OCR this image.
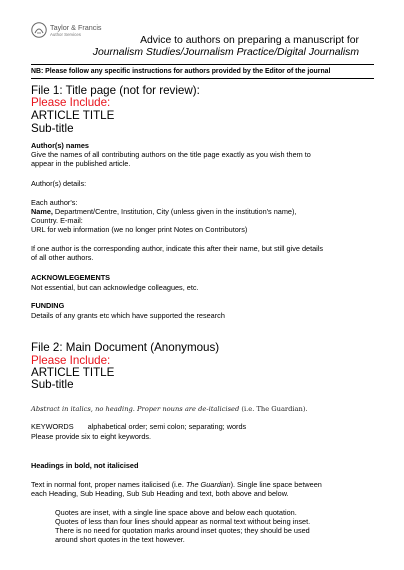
Taylor & Francis
Author Services
Advice to authors on preparing a manuscript for
Journalism Studies/Journalism Practice/Digital Journalism
NB: Please follow any specific instructions for authors provided by the Editor of the journal
File 1: Title page (not for review):
Please Include:
ARTICLE TITLE
Sub-title
Author(s) names
Give the names of all contributing authors on the title page exactly as you wish them to
appear in the published article.
Author(s) details:
Each author's:
Name, Department/Centre, Institution, City (unless given in the institution's name),
Country. E-mail:
URL for web information (we no longer print Notes on Contributors)
If one author is the corresponding author, indicate this after their name, but still give details
of all other authors.
ACKNOWLEGEMENTS
Not essential, but can acknowledge colleagues, etc.
FUNDING
Details of any grants etc which have supported the research
File 2: Main Document (Anonymous)
Please Include:
ARTICLE TITLE
Sub-title
Abstract in italics, no heading. Proper nouns are de-italicised (i.e. The Guardian).
KEYWORDS alphabetical order; semi colon; separating; words
Please provide six to eight keywords.
Headings in bold, not italicised
Text in normal font, proper names italicised (i.e. The Guardian). Single line space between
each Heading, Sub Heading, Sub Sub Heading and text, both above and below.
Quotes are inset, with a single line space above and below each quotation.
Quotes of less than four lines should appear as normal text without being inset.
There is no need for quotation marks around inset quotes; they should be used
around short quotes in the text however.
